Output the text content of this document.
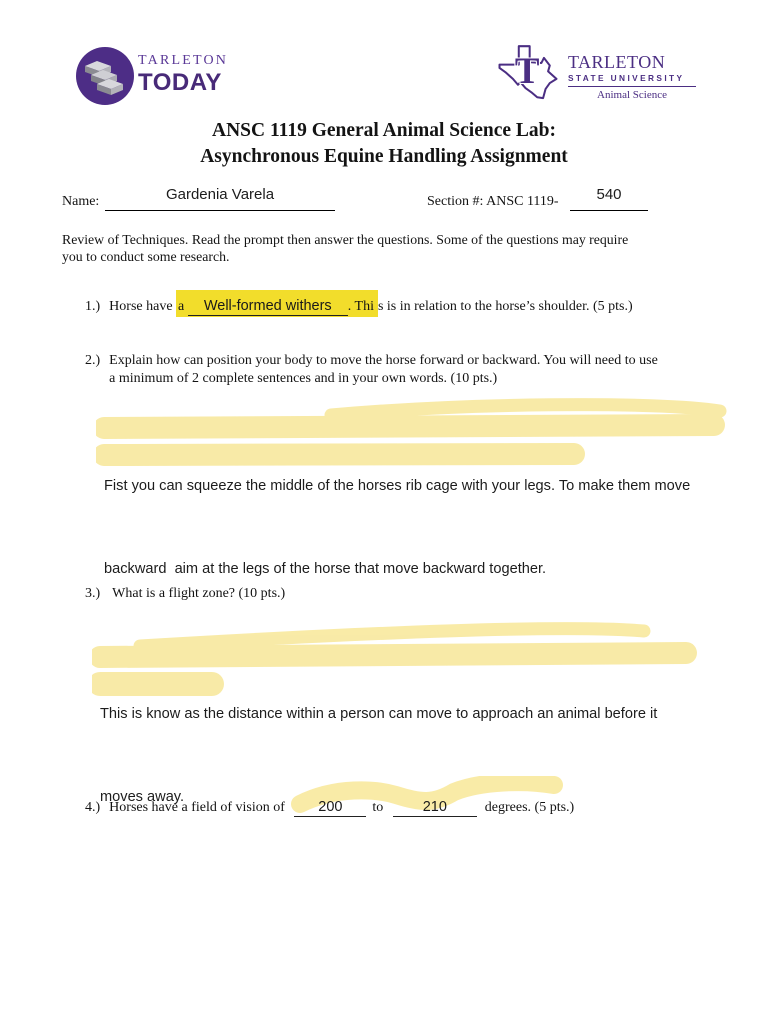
TARLETON
TODAY	T TARLETON
STATE UNIVERSITY
Animal Science
ANSC 1119 General Animal Science Lab:
Asynchronous Equine Handling Assignment
Name:	Gardenia Varela	Section #: ANSC 1119-	540
Review of Techniques. Read the prompt then answer the questions. Some of the questions may require
you to conduct some research.
1.) Horse have a Well-formed withers . Thi s is in relation to the horse’s shoulder. (5 pts.)
2.) Explain how can position your body to move the horse forward or backward. You will need to use
a minimum of 2 complete sentences and in your own words. (10 pts.)

Fist you can squeeze the middle of the horses rib cage with your legs. To make them move

backward  aim at the legs of the horse that move backward together.

3.) What is a flight zone? (10 pts.)

This is know as the distance within a person can move to approach an animal before it

moves away.

4.) Horses have a field of vision of 200 to	210	degrees. (5 pts.)
